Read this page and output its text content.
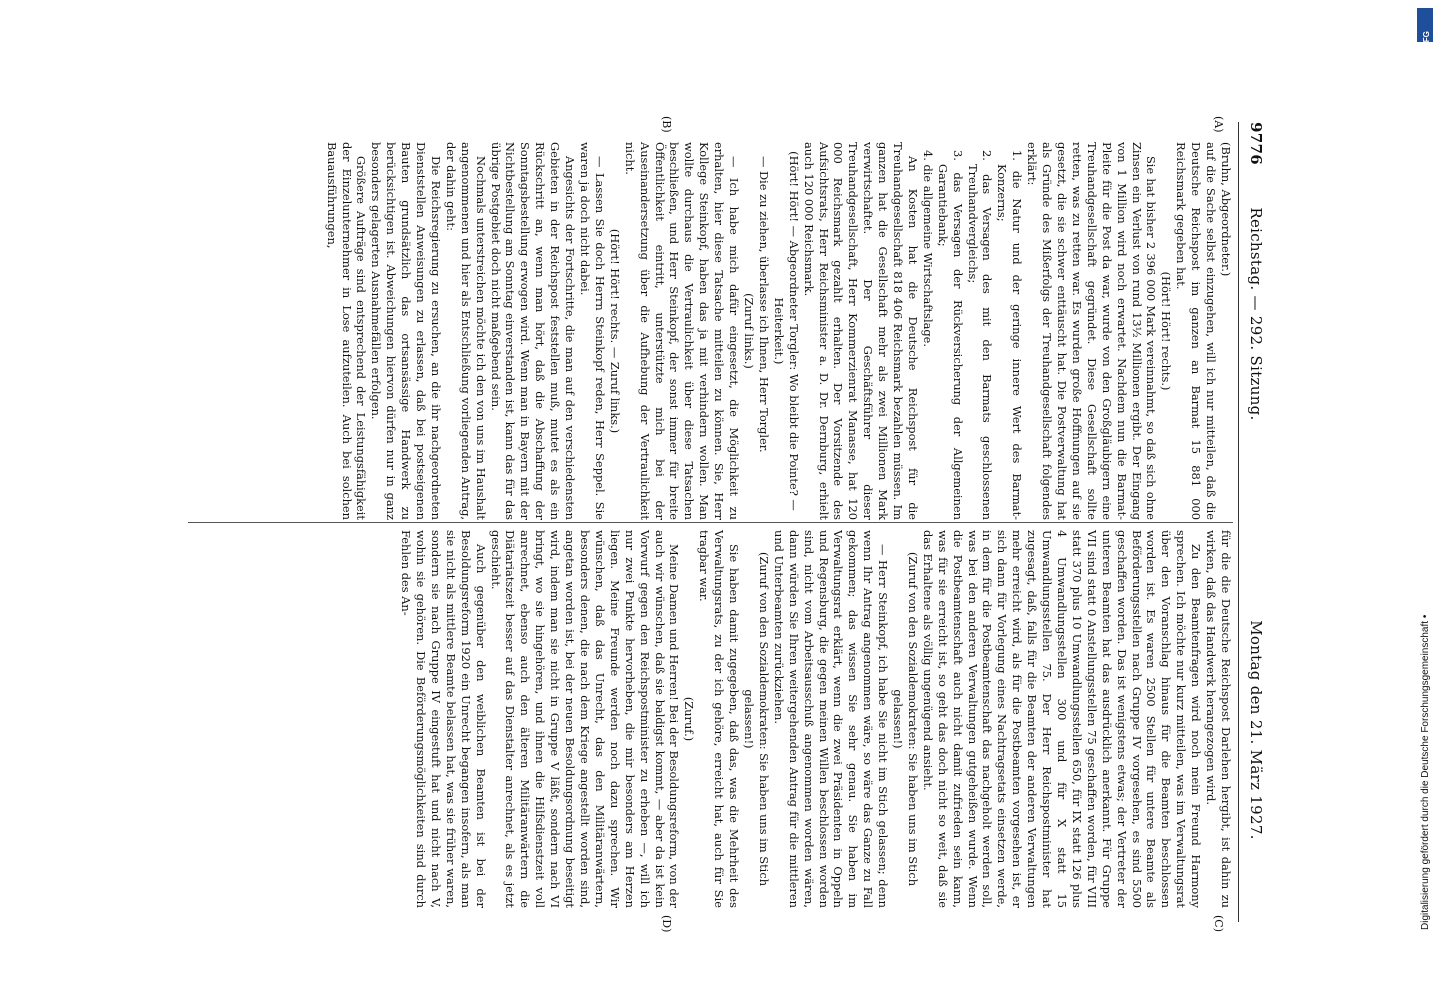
9776
Reichstag. — 292. Sitzung.
Montag den 21. März 1927.
(A)
(B)
(C)
(D)

(Bruhn, Abgeordneter.)

auf die Sache selbst einzugehen, will ich nur mitteilen, daß die Deutsche Reichspost im ganzen an Barmat 15 881 000 Reichsmark gegeben hat.

(Hört! Hört! rechts.)

Sie hat bisher 2 396 000 Mark vereinnahmt, so daß sich ohne Zinsen ein Verlust von rund 13½ Millionen ergibt. Der Eingang von 1 Million wird noch erwartet. Nachdem nun die Barmat-Pleite für die Post da war, wurde von den Großgläubigern eine Treuhandgesellschaft gegründet. Diese Gesellschaft sollte retten, was zu retten war. Es wurden große Hoffnungen auf sie gesetzt, die sie schwer enttäuscht hat. Die Postverwaltung hat als Gründe des Mißerfolgs der Treuhandgesellschaft folgendes erklärt:

1. die Natur und der geringe innere Wert des Barmat-Konzerns;

2. das Versagen des mit den Barmats geschlossenen Treuhandvergleichs;

3. das Versagen der Rückversicherung der Allgemeinen Garantiebank;

4. die allgemeine Wirtschaftslage.

An Kosten hat die Deutsche Reichspost für die Treuhandgesellschaft 818 406 Reichsmark bezahlen müssen. Im ganzen hat die Gesellschaft mehr als zwei Millionen Mark verwirtschaftet. Der Geschäftsführer dieser Treuhandgesellschaft, Herr Kommerzienrat Manasse, hat 120 000 Reichsmark gezahlt erhalten. Der Vorsitzende des Aufsichtsrats, Herr Reichsminister a. D. Dr. Dernburg, erhielt auch 120 000 Reichsmark.

(Hört! Hört! — Abgeordneter Torgler: Wo bleibt die Pointe? — Heiterkeit.)

— Die zu ziehen, überlasse ich Ihnen, Herr Torgler.

(Zuruf links.)

— Ich habe mich dafür eingesetzt, die Möglichkeit zu erhalten, hier diese Tatsache mitteilen zu können. Sie, Herr Kollege Steinkopf, haben das ja mit verhindern wollen. Man wollte durchaus die Vertraulichkeit über diese Tatsachen beschließen, und Herr Steinkopf, der sonst immer für breite Öffentlichkeit eintritt, unterstützte mich bei der Auseinandersetzung über die Aufhebung der Vertraulichkeit nicht.

(Hört! Hört! rechts. — Zuruf links.)

— Lassen Sie doch Herrn Steinkopf reden, Herr Seppel. Sie waren ja doch nicht dabei.

Angesichts der Fortschritte, die man auf den verschiedensten Gebieten in der Reichspost feststellen muß, mutet es als ein Rückschritt an, wenn man hört, daß die Abschaffung der Sonntagsbestellung erwogen wird. Wenn man in Bayern mit der Nichtbestellung am Sonntag einverstanden ist, kann das für das übrige Postgebiet doch nicht maßgebend sein.

Nochmals unterstreichen möchte ich den von uns im Haushalt angenommenen und hier als Entschließung vorliegenden Antrag, der dahin geht:

Die Reichsregierung zu ersuchen, an die ihr nachgeordneten Dienststellen Anweisungen zu erlassen, daß bei postseigenen Bauten grundsätzlich das ortsansässige Handwerk zu berücksichtigen ist. Abweichungen hiervon dürfen nur in ganz besonders gelagerten Ausnahmefällen erfolgen.

Größere Aufträge sind entsprechend der Leistungsfähigkeit der Einzelunternehmer in Lose aufzuteilen. Auch bei solchen Bauausführungen,

für die die Deutsche Reichspost Darlehen hergibt, ist dahin zu wirken, daß das Handwerk herangezogen wird.

Zu den Beamtenfragen wird noch mein Freund Harmony sprechen. Ich möchte nur kurz mitteilen, was im Verwaltungsrat über den Voranschlag hinaus für die Beamten beschlossen worden ist. Es waren 2500 Stellen für untere Beamte als Beförderungsstellen nach Gruppe IV vorgesehen, es sind 5500 geschaffen worden. Das ist wenigstens etwas; der Vertreter der unteren Beamten hat das ausdrücklich anerkannt. Für Gruppe VII sind statt 0 Anstellungsstellen 75 geschaffen worden, für VIII statt 370 plus 10 Umwandlungsstellen 650, für IX statt 126 plus 4 Umwandlungsstellen 300 und für X statt 15 Umwandlungsstellen 75. Der Herr Reichspostminister hat zugesagt, daß, falls für die Beamten der anderen Verwaltungen mehr erreicht wird, als für die Postbeamten vorgesehen ist, er sich dann für Vorlegung eines Nachtragsetats einsetzen werde, in dem für die Postbeamtenschaft das nachgeholt werden soll, was bei den anderen Verwaltungen gutgeheißen wurde. Wenn die Postbeamtenschaft auch nicht damit zufrieden sein kann, was für sie erreicht ist, so geht das doch nicht so weit, daß sie das Erhaltene als völlig ungenügend ansieht.

(Zuruf von den Sozialdemokraten: Sie haben uns im Stich gelassen!)

— Herr Steinkopf, ich habe Sie nicht im Stich gelassen; denn wenn Ihr Antrag angenommen wäre, so wäre das Ganze zu Fall gekommen; das wissen Sie sehr genau. Sie haben im Verwaltungsrat erklärt, wenn die zwei Präsidenten in Oppeln und Regensburg, die gegen meinen Willen beschlossen worden sind, nicht vom Arbeitsausschuß angenommen worden wären, dann würden Sie Ihren weitergehenden Antrag für die mittleren und Unterbeamten zurückziehen.

(Zuruf von den Sozialdemokraten: Sie haben uns im Stich gelassen!)

Sie haben damit zugegeben, daß das, was die Mehrheit des Verwaltungsrats, zu der ich gehöre, erreicht hat, auch für Sie tragbar war.

(Zuruf.)

Meine Damen und Herren! Bei der Besoldungsreform, von der auch wir wünschen, daß sie baldigst kommt, — aber da ist kein Vorwurf gegen den Reichspostminister zu erheben —, will ich nur zwei Punkte hervorheben, die mir besonders am Herzen liegen. Meine Freunde werden noch dazu sprechen. Wir wünschen, daß das Unrecht, das den Militäranwärtern, besonders denen, die nach dem Kriege angestellt worden sind, angetan worden ist, bei der neuen Besoldungsordnung beseitigt wird, indem man sie nicht in Gruppe V läßt, sondern nach VI bringt, wo sie hingehören, und ihnen die Hilfsdienstzeit voll anrechnet, ebenso auch den älteren Militäranwärtern die Diätariatszeit besser auf das Dienstalter anrechnet, als es jetzt geschieht.

Auch gegenüber den weiblichen Beamten ist bei der Besoldungsreform 1920 ein Unrecht begangen insofern, als man sie nicht als mittlere Beamte belassen hat, was sie früher waren, sondern sie nach Gruppe IV eingestuft hat und nicht nach V, wohin sie gehören. Die Beförderungsmöglichkeiten sind durch Fehlen des An-

DFG
Digitalisierung gefördert durch die Deutsche Forschungsgemeinschaft •
